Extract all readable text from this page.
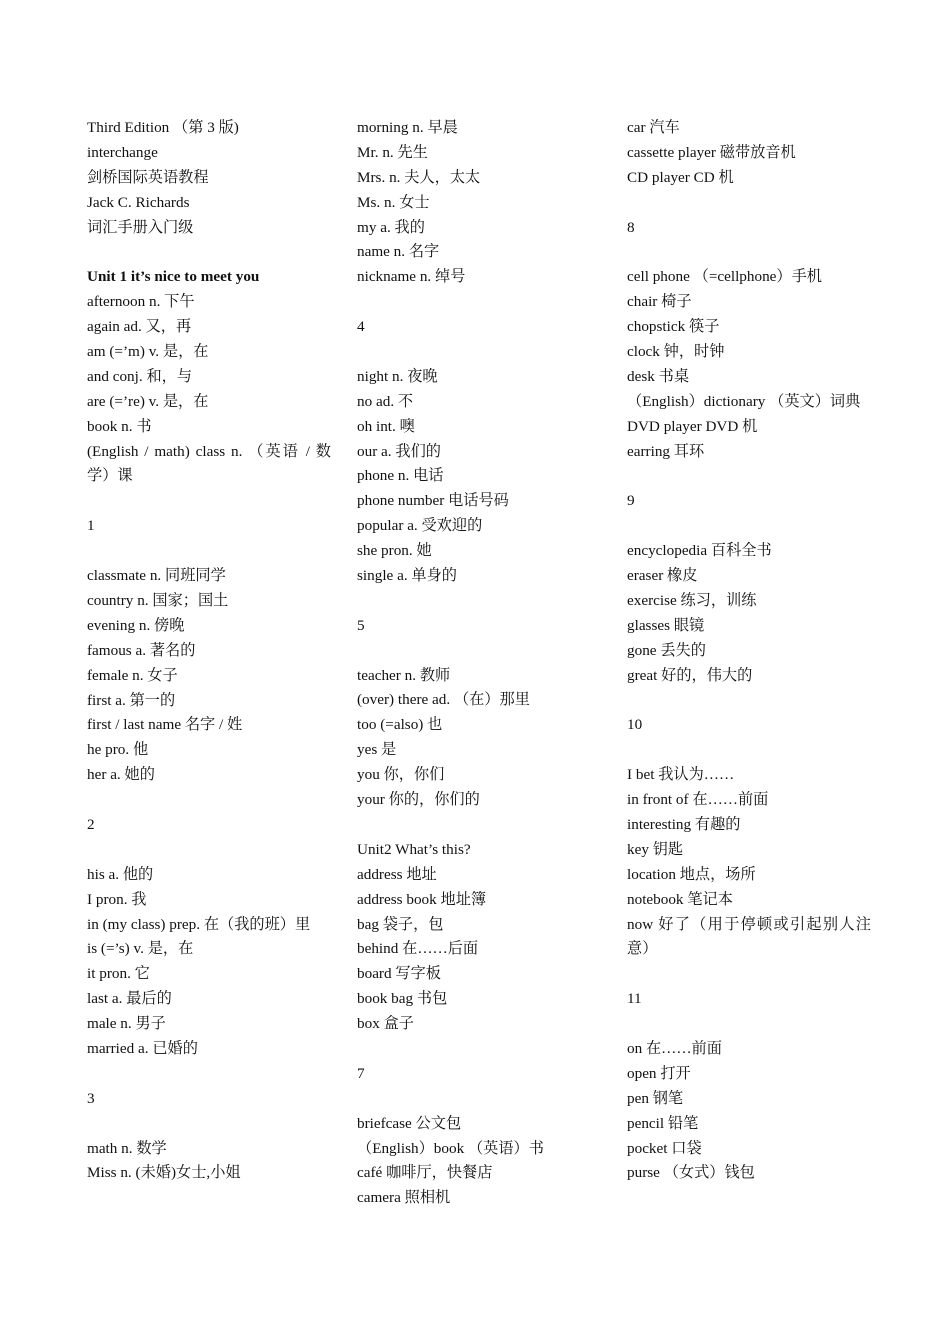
Third Edition （第 3 版)
interchange
剑桥国际英语教程
Jack C. Richards
词汇手册入门级
Unit 1 it’s nice to meet you
afternoon n. 下午
again ad. 又，再
am (=’m) v. 是，在
and conj. 和，与
are (=’re) v. 是，在
book n. 书
(English / math) class n. （英语 / 数学）课
1
classmate n. 同班同学
country n. 国家；国土
evening n. 傍晚
famous a. 著名的
female n. 女子
first a. 第一的
first / last name 名字 / 姓
he pro. 他
her a. 她的
2
his a. 他的
I pron. 我
in (my class) prep. 在（我的班）里
is (=’s) v. 是，在
it pron. 它
last a. 最后的
male n. 男子
married a. 已婚的
3
math n. 数学
Miss n. (未婚)女士,小姐
morning n. 早晨
Mr. n. 先生
Mrs. n. 夫人，太太
Ms. n. 女士
my a. 我的
name n. 名字
nickname n. 绰号
4
night n. 夜晚
no ad. 不
oh int. 噢
our a. 我们的
phone n. 电话
phone number 电话号码
popular a. 受欢迎的
she pron. 她
single a. 单身的
5
teacher n. 教师
(over) there ad. （在）那里
too (=also) 也
yes 是
you 你，你们
your 你的，你们的
Unit2 What’s this?
address 地址
address book 地址簿
bag 袋子，包
behind 在……后面
board 写字板
book bag 书包
box 盒子
7
briefcase 公文包
（English）book （英语）书
café 咖啡厅，快餐店
camera 照相机
car 汽车
cassette player 磁带放音机
CD player CD 机
8
cell phone （=cellphone）手机
chair 椅子
chopstick 筷子
clock 钟，时钟
desk 书桌
（English）dictionary （英文）词典
DVD player DVD 机
earring 耳环
9
encyclopedia 百科全书
eraser 橡皮
exercise 练习，训练
glasses 眼镜
gone 丢失的
great 好的，伟大的
10
I bet 我认为……
in front of 在……前面
interesting 有趣的
key 钥匙
location 地点，场所
notebook 笔记本
now 好了（用于停顿或引起别人注意）
11
on 在……前面
open 打开
pen 钢笔
pencil 铅笔
pocket 口袋
purse （女式）钱包
